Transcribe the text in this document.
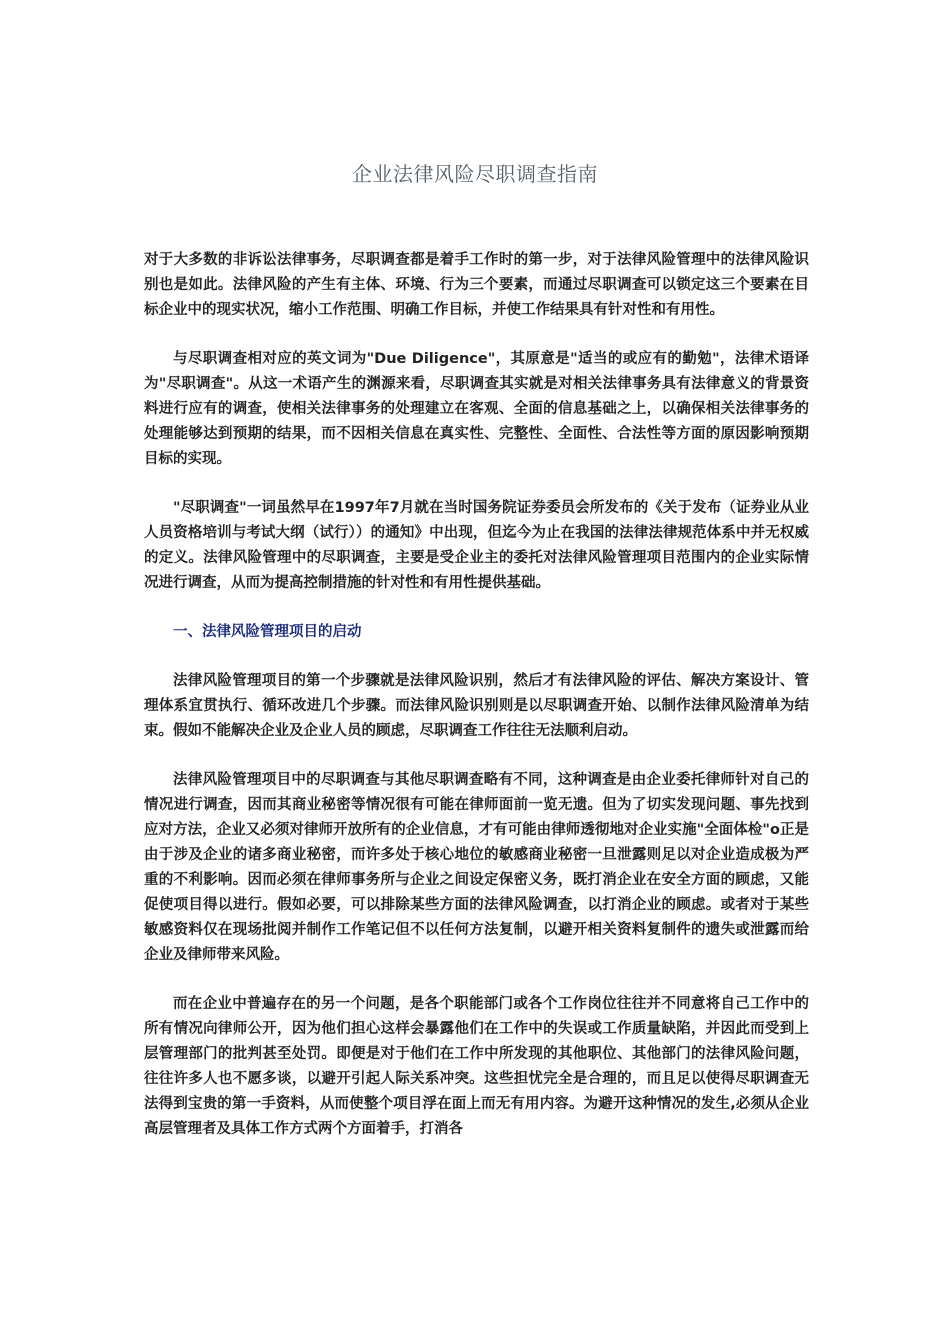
企业法律风险尽职调查指南

对于大多数的非诉讼法律事务，尽职调查都是着手工作时的第一步，对于法律风险管理中的法律风险识别也是如此。法律风险的产生有主体、环境、行为三个要素，而通过尽职调查可以锁定这三个要素在目标企业中的现实状况，缩小工作范围、明确工作目标，并使工作结果具有针对性和有用性。

与尽职调查相对应的英文词为"Due Diligence"，其原意是"适当的或应有的勤勉"，法律术语译为"尽职调查"。从这一术语产生的渊源来看，尽职调查其实就是对相关法律事务具有法律意义的背景资料进行应有的调查，使相关法律事务的处理建立在客观、全面的信息基础之上，以确保相关法律事务的处理能够达到预期的结果，而不因相关信息在真实性、完整性、全面性、合法性等方面的原因影响预期目标的实现。

"尽职调查"一词虽然早在1997年7月就在当时国务院证券委员会所发布的《关于发布（证券业从业人员资格培训与考试大纲（试行））的通知》中出现，但迄今为止在我国的法律法律规范体系中并无权威的定义。法律风险管理中的尽职调查，主要是受企业主的委托对法律风险管理项目范围内的企业实际情况进行调查，从而为提高控制措施的针对性和有用性提供基础。

一、法律风险管理项目的启动

法律风险管理项目的第一个步骤就是法律风险识别，然后才有法律风险的评估、解决方案设计、管理体系宜贯执行、循环改进几个步骤。而法律风险识别则是以尽职调查开始、以制作法律风险清单为结束。假如不能解决企业及企业人员的顾虑，尽职调查工作往往无法顺利启动。

法律风险管理项目中的尽职调查与其他尽职调查略有不同，这种调查是由企业委托律师针对自己的情况进行调查，因而其商业秘密等情况很有可能在律师面前一览无遗。但为了切实发现问题、事先找到应对方法，企业又必须对律师开放所有的企业信息，才有可能由律师透彻地对企业实施"全面体检"o正是由于涉及企业的诸多商业秘密，而许多处于核心地位的敏感商业秘密一旦泄露则足以对企业造成极为严重的不利影响。因而必须在律师事务所与企业之间设定保密义务，既打消企业在安全方面的顾虑，又能促使项目得以进行。假如必要，可以排除某些方面的法律风险调查，以打消企业的顾虑。或者对于某些敏感资料仅在现场批阅并制作工作笔记但不以任何方法复制，以避开相关资料复制件的遗失或泄露而给企业及律师带来风险。

而在企业中普遍存在的另一个问题，是各个职能部门或各个工作岗位往往并不同意将自己工作中的所有情况向律师公开，因为他们担心这样会暴露他们在工作中的失误或工作质量缺陷，并因此而受到上层管理部门的批判甚至处罚。即便是对于他们在工作中所发现的其他职位、其他部门的法律风险问题，往往许多人也不愿多谈，以避开引起人际关系冲突。这些担忧完全是合理的，而且足以使得尽职调查无法得到宝贵的第一手资料，从而使整个项目浮在面上而无有用内容。为避开这种情况的发生,必须从企业高层管理者及具体工作方式两个方面着手，打消各
